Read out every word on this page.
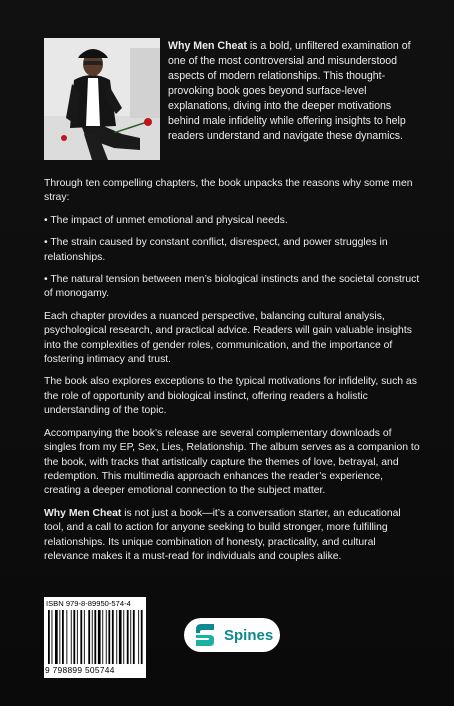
Why Men Cheat is a bold, unfiltered examination of one of the most controversial and misunderstood aspects of modern relationships. This thought-provoking book goes beyond surface-level explanations, diving into the deeper motivations behind male infidelity while offering insights to help readers understand and navigate these dynamics.

Through ten compelling chapters, the book unpacks the reasons why some men stray:

• The impact of unmet emotional and physical needs.

• The strain caused by constant conflict, disrespect, and power struggles in relationships.

• The natural tension between men’s biological instincts and the societal construct of monogamy.

Each chapter provides a nuanced perspective, balancing cultural analysis, psychological research, and practical advice. Readers will gain valuable insights into the complexities of gender roles, communication, and the importance of fostering intimacy and trust.

The book also explores exceptions to the typical motivations for infidelity, such as the role of opportunity and biological instinct, offering readers a holistic understanding of the topic.

Accompanying the book’s release are several complementary downloads of singles from my EP, Sex, Lies, Relationship. The album serves as a companion to the book, with tracks that artistically capture the themes of love, betrayal, and redemption. This multimedia approach enhances the reader’s experience, creating a deeper emotional connection to the subject matter.

Why Men Cheat is not just a book—it’s a conversation starter, an educational tool, and a call to action for anyone seeking to build stronger, more fulfilling relationships. Its unique combination of honesty, practicality, and cultural relevance makes it a must-read for individuals and couples alike.

ISBN 979-8-89950-574-4
9 798899 505744
Spines
